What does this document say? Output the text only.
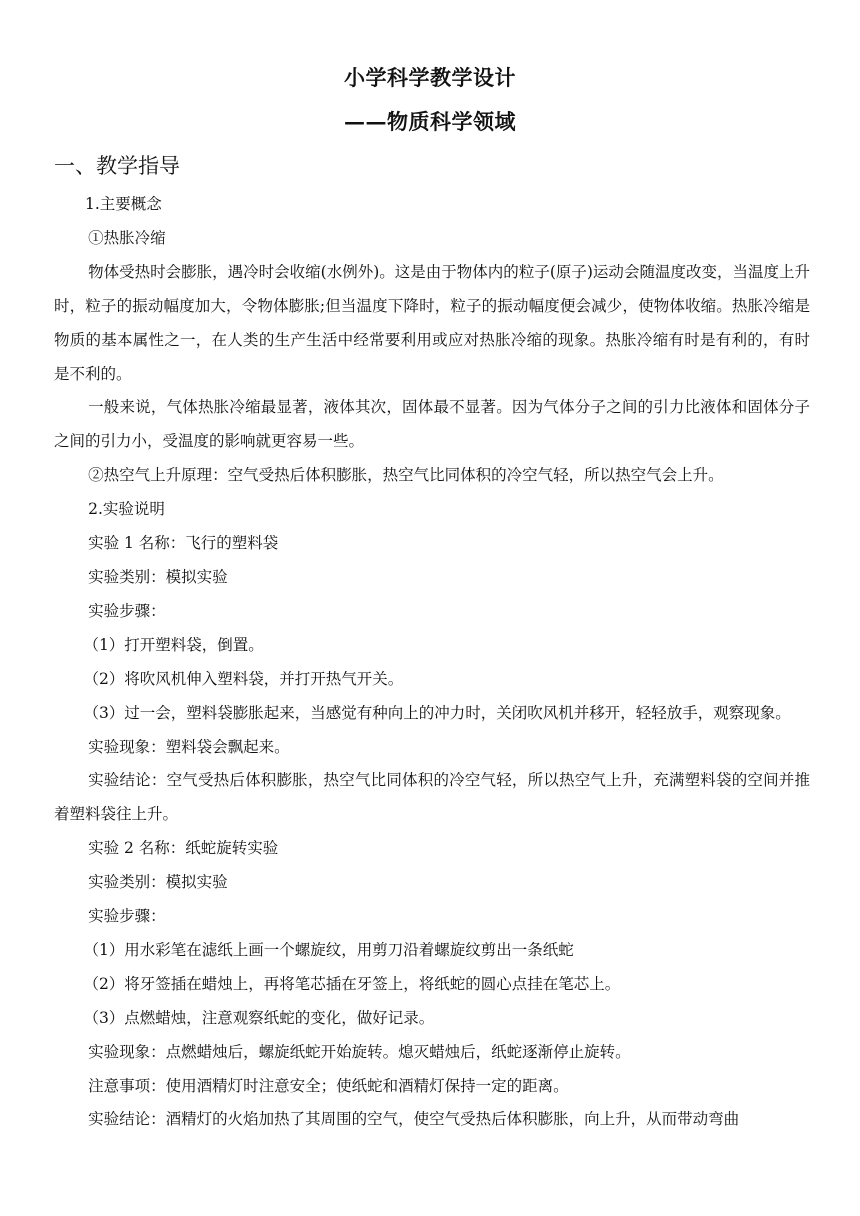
小学科学教学设计
——物质科学领域
一、教学指导

1.主要概念

①热胀冷缩

物体受热时会膨胀，遇冷时会收缩(水例外)。这是由于物体内的粒子(原子)运动会随温度改变，当温度上升时，粒子的振动幅度加大，令物体膨胀;但当温度下降时，粒子的振动幅度便会减少，使物体收缩。热胀冷缩是物质的基本属性之一，在人类的生产生活中经常要利用或应对热胀冷缩的现象。热胀冷缩有时是有利的，有时是不利的。

一般来说，气体热胀冷缩最显著，液体其次，固体最不显著。因为气体分子之间的引力比液体和固体分子之间的引力小，受温度的影响就更容易一些。

②热空气上升原理：空气受热后体积膨胀，热空气比同体积的冷空气轻，所以热空气会上升。

2.实验说明

实验 1 名称：飞行的塑料袋

实验类别：模拟实验

实验步骤：

（1）打开塑料袋，倒置。

（2）将吹风机伸入塑料袋，并打开热气开关。

（3）过一会，塑料袋膨胀起来，当感觉有种向上的冲力时，关闭吹风机并移开，轻轻放手，观察现象。

实验现象：塑料袋会飘起来。

实验结论：空气受热后体积膨胀，热空气比同体积的冷空气轻，所以热空气上升，充满塑料袋的空间并推着塑料袋往上升。

实验 2 名称：纸蛇旋转实验

实验类别：模拟实验

实验步骤：

（1）用水彩笔在滤纸上画一个螺旋纹，用剪刀沿着螺旋纹剪出一条纸蛇

（2）将牙签插在蜡烛上，再将笔芯插在牙签上，将纸蛇的圆心点挂在笔芯上。

（3）点燃蜡烛，注意观察纸蛇的变化，做好记录。

实验现象：点燃蜡烛后，螺旋纸蛇开始旋转。熄灭蜡烛后，纸蛇逐渐停止旋转。

注意事项：使用酒精灯时注意安全；使纸蛇和酒精灯保持一定的距离。

实验结论：酒精灯的火焰加热了其周围的空气，使空气受热后体积膨胀，向上升，从而带动弯曲
